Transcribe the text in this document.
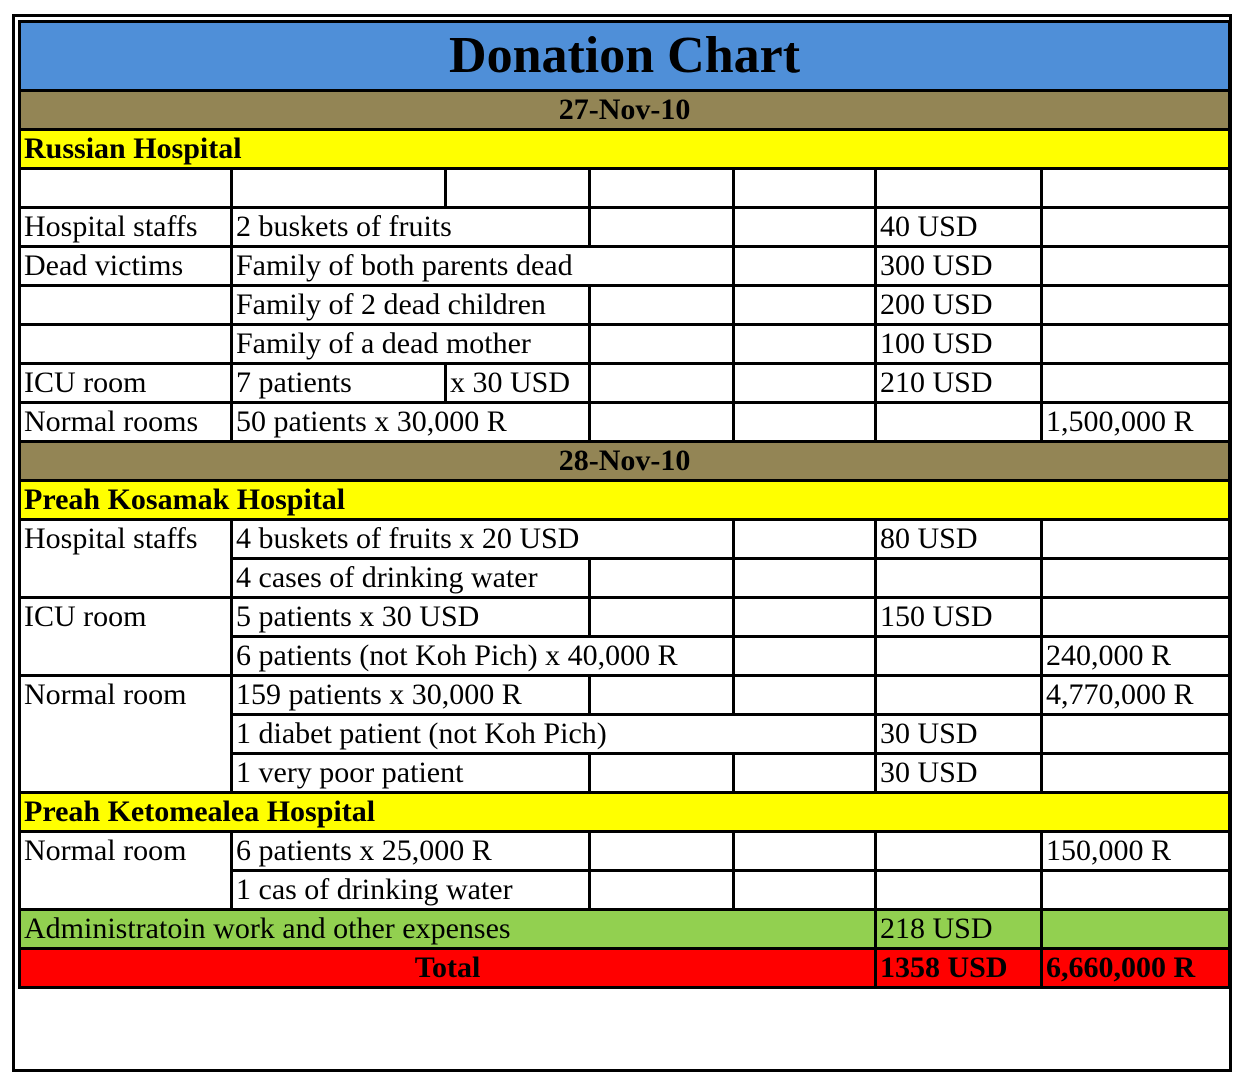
Donation Chart						
27-Nov-10						
Russian Hospital						

Hospital staffs	2 buskets of fruits				40 USD	
Dead victims	Family of both parents dead				300 USD	
	Family of 2 dead children				200 USD	
	Family of a dead mother				100 USD	
ICU room	7 patients	x 30 USD			210 USD	
Normal rooms	50 patients x 30,000 R					1,500,000 R
28-Nov-10						
Preah Kosamak Hospital						
Hospital staffs	4 buskets of fruits x 20 USD				80 USD	
	4 cases of drinking water					
ICU room	5 patients x 30 USD				150 USD	
	6 patients (not Koh Pich) x 40,000 R					240,000 R
Normal room	159 patients x 30,000 R					4,770,000 R
	1 diabet patient (not Koh Pich)				30 USD	
	1 very poor patient				30 USD	
Preah Ketomealea Hospital						
Normal room	6 patients x 25,000 R					150,000 R
	1 cas of drinking water					
Administratoin work and other expenses					218 USD	
Total					1358 USD	6,660,000 R
